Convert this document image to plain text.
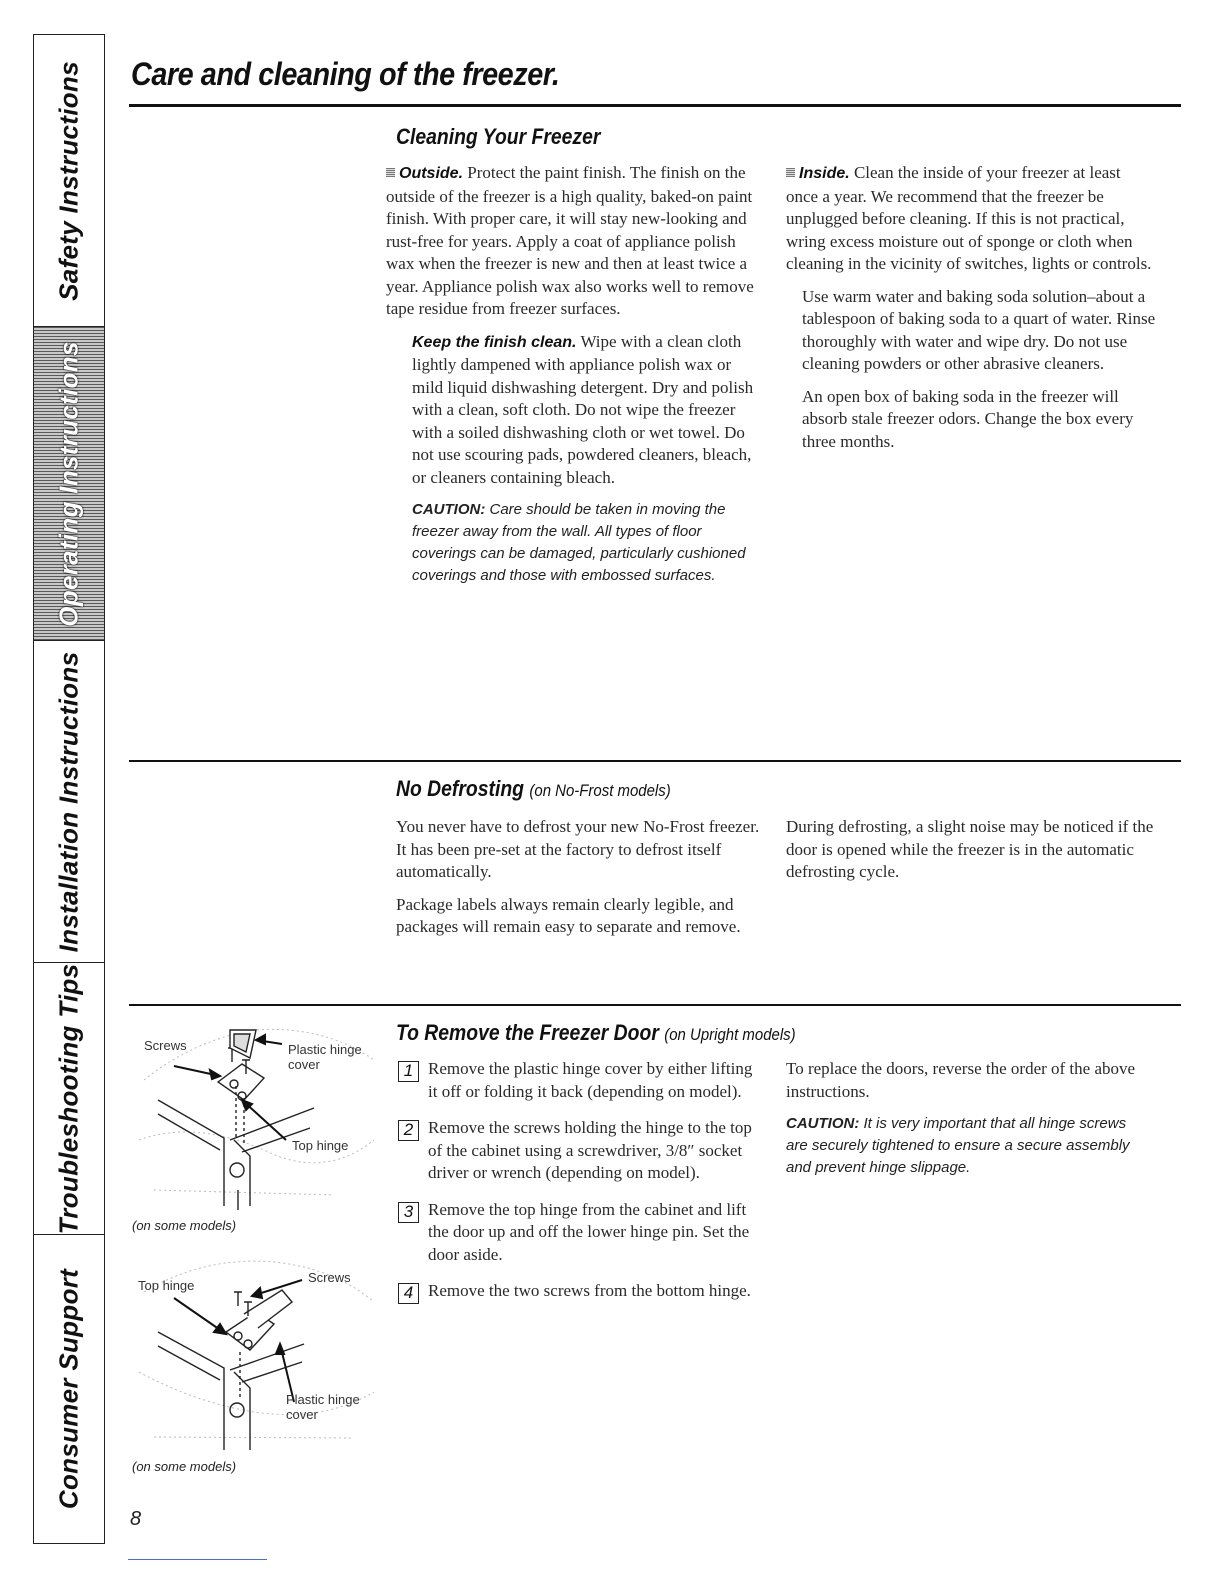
Safety Instructions
Operating Instructions
Installation Instructions
Troubleshooting Tips
Consumer Support
Care and cleaning of the freezer.
Cleaning Your Freezer

Outside. Protect the paint finish. The finish on the outside of the freezer is a high quality, baked-on paint finish. With proper care, it will stay new-looking and rust-free for years. Apply a coat of appliance polish wax when the freezer is new and then at least twice a year. Appliance polish wax also works well to remove tape residue from freezer surfaces.

Keep the finish clean. Wipe with a clean cloth lightly dampened with appliance polish wax or mild liquid dishwashing detergent. Dry and polish with a clean, soft cloth. Do not wipe the freezer with a soiled dishwashing cloth or wet towel. Do not use scouring pads, powdered cleaners, bleach, or cleaners containing bleach.

CAUTION: Care should be taken in moving the freezer away from the wall. All types of floor coverings can be damaged, particularly cushioned coverings and those with embossed surfaces.

Inside. Clean the inside of your freezer at least once a year. We recommend that the freezer be unplugged before cleaning. If this is not practical, wring excess moisture out of sponge or cloth when cleaning in the vicinity of switches, lights or controls.

Use warm water and baking soda solution–about a tablespoon of baking soda to a quart of water. Rinse thoroughly with water and wipe dry. Do not use cleaning powders or other abrasive cleaners.

An open box of baking soda in the freezer will absorb stale freezer odors. Change the box every three months.

No Defrosting (on No-Frost models)

You never have to defrost your new No-Frost freezer. It has been pre-set at the factory to defrost itself automatically.

Package labels always remain clearly legible, and packages will remain easy to separate and remove.

During defrosting, a slight noise may be noticed if the door is opened while the freezer is in the automatic defrosting cycle.

Screws	Plastic hinge cover
Top hinge
(on some models)
Top hinge
Screws
Plastic hinge cover
(on some models)
To Remove the Freezer Door (on Upright models)
1 Remove the plastic hinge cover by either lifting it off or folding it back (depending on model).
2 Remove the screws holding the hinge to the top of the cabinet using a screwdriver, 3/8″ socket driver or wrench (depending on model).
3 Remove the top hinge from the cabinet and lift the door up and off the lower hinge pin. Set the door aside.
4 Remove the two screws from the bottom hinge.

To replace the doors, reverse the order of the above instructions.

CAUTION: It is very important that all hinge screws are securely tightened to ensure a secure assembly and prevent hinge slippage.

8
